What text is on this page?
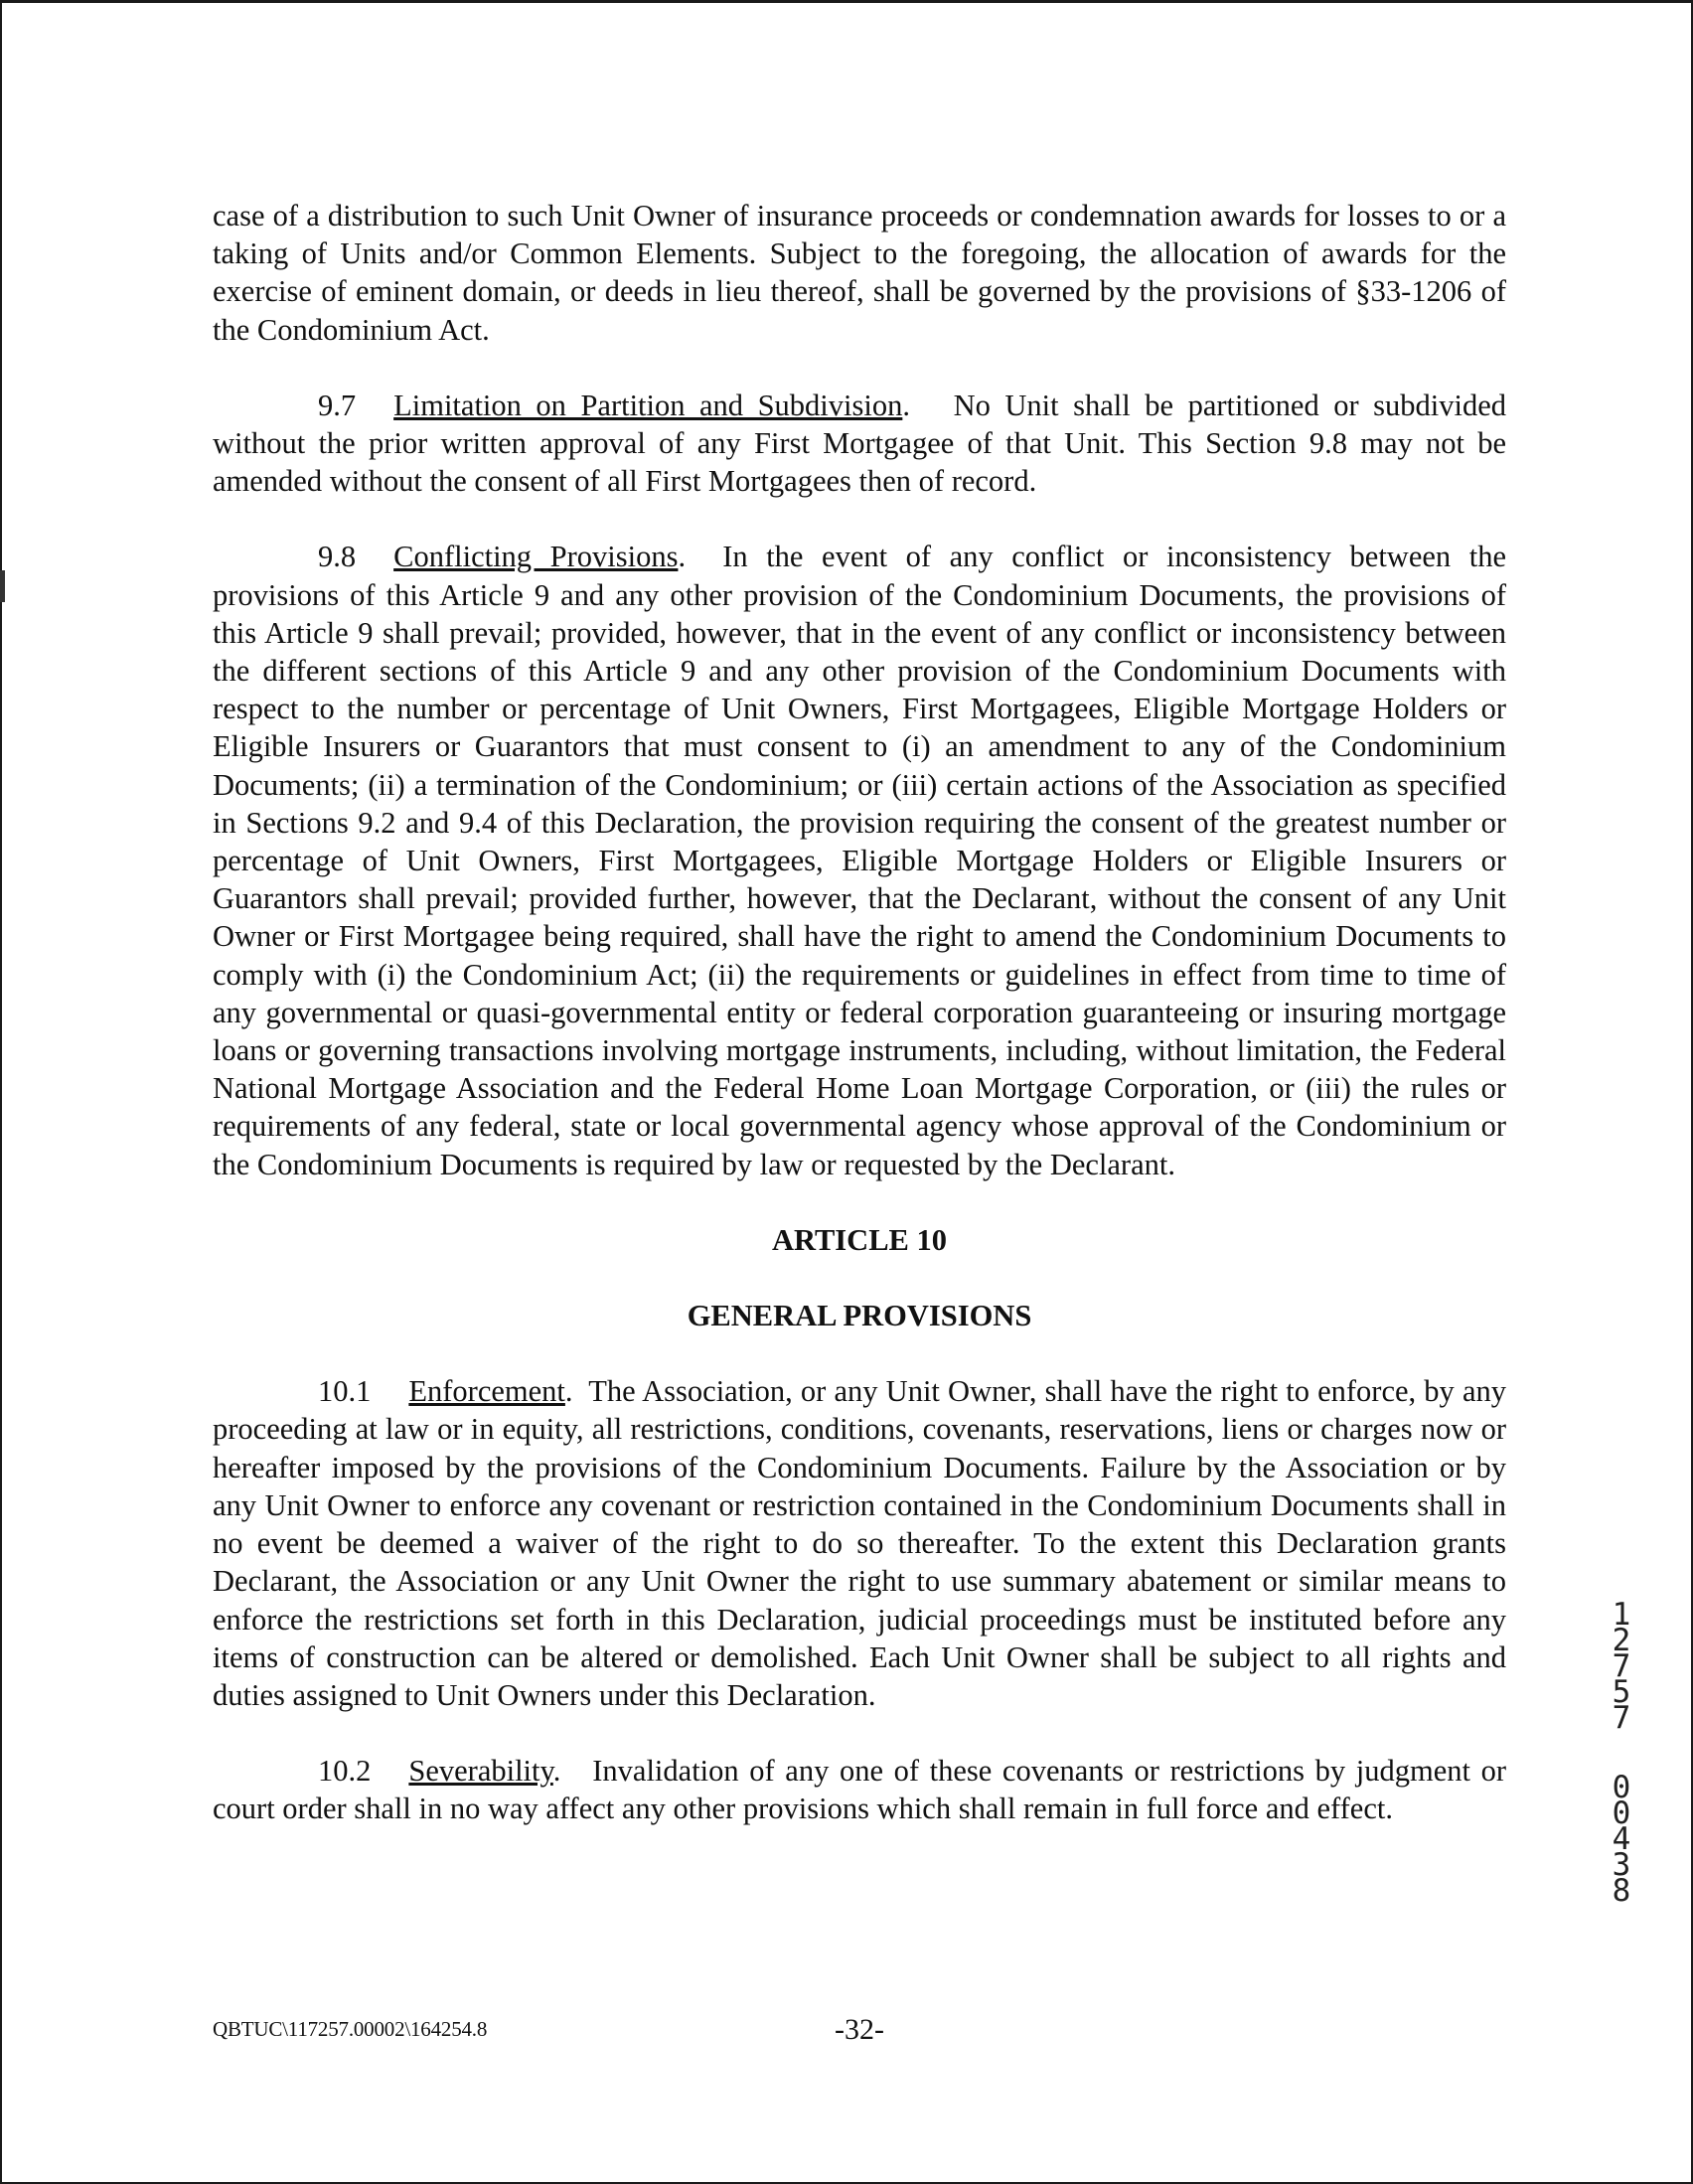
case of a distribution to such Unit Owner of insurance proceeds or condemnation awards for losses to or a taking of Units and/or Common Elements. Subject to the foregoing, the allocation of awards for the exercise of eminent domain, or deeds in lieu thereof, shall be governed by the provisions of §33-1206 of the Condominium Act.

9.7 Limitation on Partition and Subdivision.   No Unit shall be partitioned or subdivided without the prior written approval of any First Mortgagee of that Unit. This Section 9.8 may not be amended without the consent of all First Mortgagees then of record.

9.8 Conflicting Provisions.  In the event of any conflict or inconsistency between the provisions of this Article 9 and any other provision of the Condominium Documents, the provisions of this Article 9 shall prevail; provided, however, that in the event of any conflict or inconsistency between the different sections of this Article 9 and any other provision of the Condominium Documents with respect to the number or percentage of Unit Owners, First Mortgagees, Eligible Mortgage Holders or Eligible Insurers or Guarantors that must consent to (i) an amendment to any of the Condominium Documents; (ii) a termination of the Condominium; or (iii) certain actions of the Association as specified in Sections 9.2 and 9.4 of this Declaration, the provision requiring the consent of the greatest number or percentage of Unit Owners, First Mortgagees, Eligible Mortgage Holders or Eligible Insurers or Guarantors shall prevail; provided further, however, that the Declarant, without the consent of any Unit Owner or First Mortgagee being required, shall have the right to amend the Condominium Documents to comply with (i) the Condominium Act; (ii) the requirements or guidelines in effect from time to time of any governmental or quasi-governmental entity or federal corporation guaranteeing or insuring mortgage loans or governing transactions involving mortgage instruments, including, without limitation, the Federal National Mortgage Association and the Federal Home Loan Mortgage Corporation, or (iii) the rules or requirements of any federal, state or local governmental agency whose approval of the Condominium or the Condominium Documents is required by law or requested by the Declarant.

ARTICLE 10

GENERAL PROVISIONS

10.1 Enforcement.  The Association, or any Unit Owner, shall have the right to enforce, by any proceeding at law or in equity, all restrictions, conditions, covenants, reservations, liens or charges now or hereafter imposed by the provisions of the Condominium Documents. Failure by the Association or by any Unit Owner to enforce any covenant or restriction contained in the Condominium Documents shall in no event be deemed a waiver of the right to do so thereafter. To the extent this Declaration grants Declarant, the Association or any Unit Owner the right to use summary abatement or similar means to enforce the restrictions set forth in this Declaration, judicial proceedings must be instituted before any items of construction can be altered or demolished. Each Unit Owner shall be subject to all rights and duties assigned to Unit Owners under this Declaration.

10.2 Severability.   Invalidation of any one of these covenants or restrictions by judgment or court order shall in no way affect any other provisions which shall remain in full force and effect.

1
2
7
5
7
0
0
4
3
8
QBTUC\117257.00002\164254.8	-32-
